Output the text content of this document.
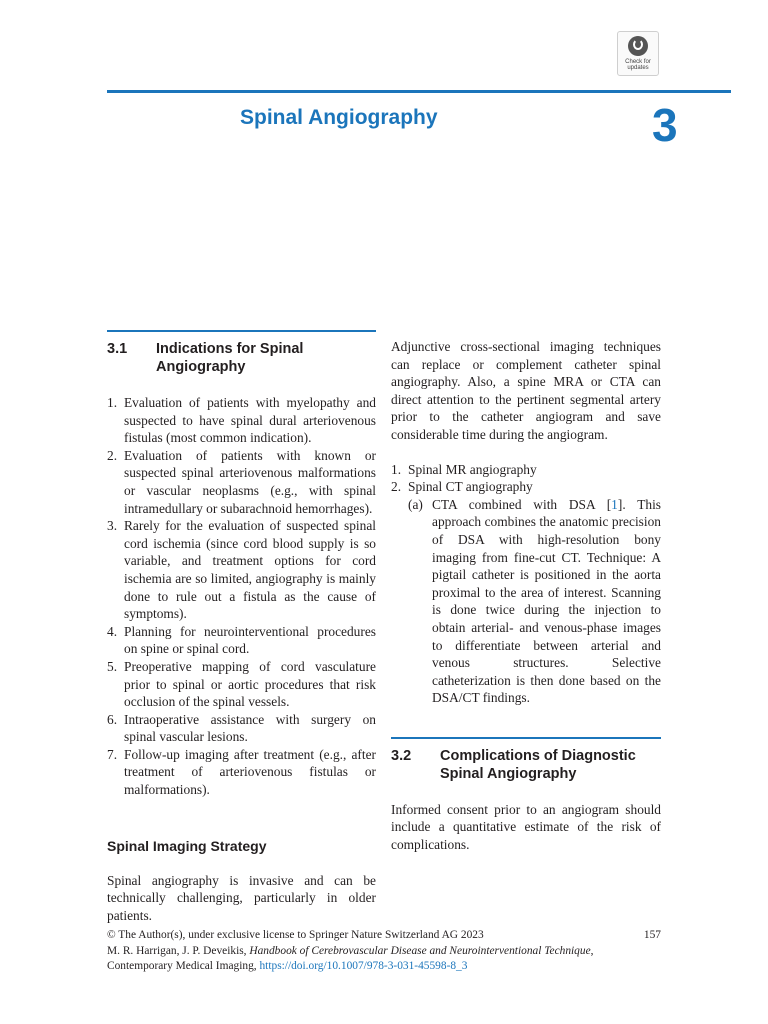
Check for
updates
Spinal Angiography	3
3.1	Indications for Spinal
Angiography
1. Evaluation of patients with myelopathy and suspected to have spinal dural arteriovenous fistulas (most common indication).
2. Evaluation of patients with known or suspected spinal arteriovenous malformations or vascular neoplasms (e.g., with spinal intramedullary or subarachnoid hemorrhages).
3. Rarely for the evaluation of suspected spinal cord ischemia (since cord blood supply is so variable, and treatment options for cord ischemia are so limited, angiography is mainly done to rule out a fistula as the cause of symptoms).
4. Planning for neurointerventional procedures on spine or spinal cord.
5. Preoperative mapping of cord vasculature prior to spinal or aortic procedures that risk occlusion of the spinal vessels.
6. Intraoperative assistance with surgery on spinal vascular lesions.
7. Follow-up imaging after treatment (e.g., after treatment of arteriovenous fistulas or malformations).
Spinal Imaging Strategy

Spinal angiography is invasive and can be technically challenging, particularly in older patients.

Adjunctive cross-sectional imaging techniques can replace or complement catheter spinal angiography. Also, a spine MRA or CTA can direct attention to the pertinent segmental artery prior to the catheter angiogram and save considerable time during the angiogram.

1. Spinal MR angiography
2. Spinal CT angiography
(a) CTA combined with DSA [1]. This approach combines the anatomic precision of DSA with high-resolution bony imaging from fine-cut CT. Technique: A pigtail catheter is positioned in the aorta proximal to the area of interest. Scanning is done twice during the injection to obtain arterial- and venous-phase images to differentiate between arterial and venous structures. Selective catheterization is then done based on the DSA/CT findings.
3.2	Complications of Diagnostic
Spinal Angiography

Informed consent prior to an angiogram should include a quantitative estimate of the risk of complications.

© The Author(s), under exclusive license to Springer Nature Switzerland AG 2023
M. R. Harrigan, J. P. Deveikis, Handbook of Cerebrovascular Disease and Neurointerventional Technique, Contemporary Medical Imaging, https://doi.org/10.1007/978-3-031-45598-8_3
157
